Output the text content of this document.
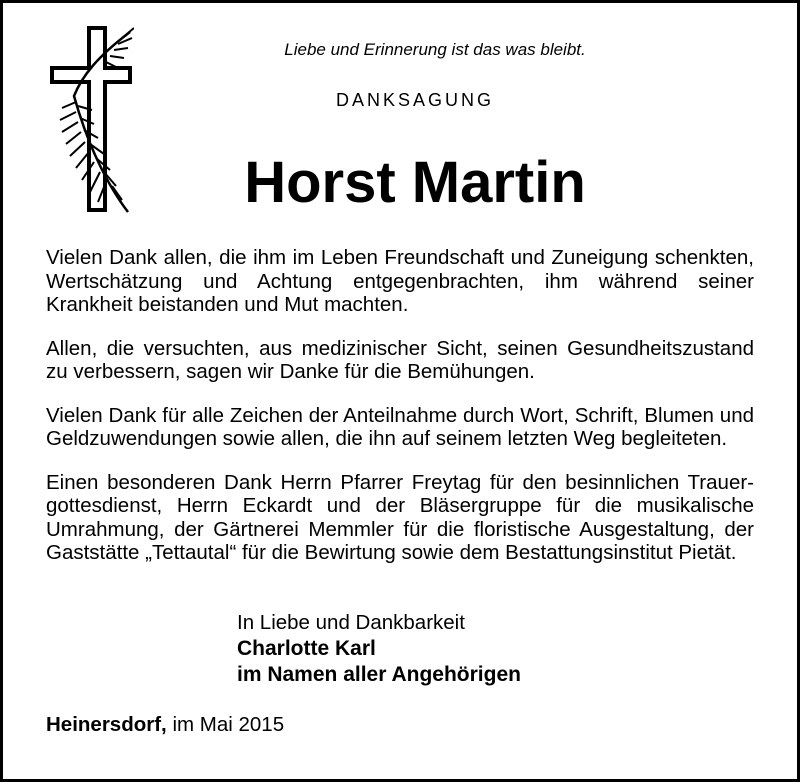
Liebe und Erinnerung ist das was bleibt.
DANKSAGUNG
Horst Martin

Vielen Dank allen, die ihm im Leben Freundschaft und Zuneigung schenkten, Wertschätzung und Achtung entgegenbrachten, ihm während seiner Krankheit beistanden und Mut machten.

Allen, die versuchten, aus medizinischer Sicht, seinen Gesundheitszustand zu verbessern, sagen wir Danke für die Bemühungen.

Vielen Dank für alle Zeichen der Anteilnahme durch Wort, Schrift, Blumen und Geldzuwendungen sowie allen, die ihn auf seinem letzten Weg begleiteten.

Einen besonderen Dank Herrn Pfarrer Freytag für den besinnlichen Trauergottesdienst, Herrn Eckardt und der Bläsergruppe für die musikalische Umrahmung, der Gärtnerei Memmler für die floristische Ausgestaltung, der Gaststätte „Tettautal“ für die Bewirtung sowie dem Bestattungsinstitut Pietät.

In Liebe und Dankbarkeit
Charlotte Karl
im Namen aller Angehörigen
Heinersdorf, im Mai 2015
